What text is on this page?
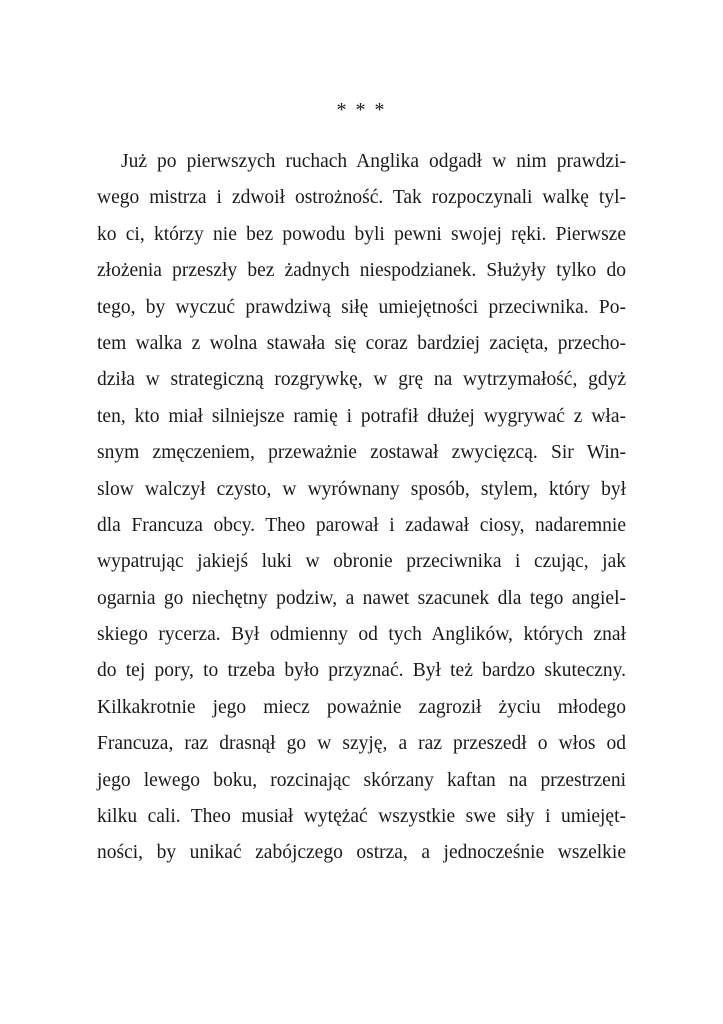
* * *
Już po pierwszych ruchach Anglika odgadł w nim prawdzi-
wego mistrza i zdwoił ostrożność. Tak rozpoczynali walkę tyl-
ko ci, którzy nie bez powodu byli pewni swojej ręki. Pierwsze
złożenia przeszły bez żadnych niespodzianek. Służyły tylko do
tego, by wyczuć prawdziwą siłę umiejętności przeciwnika. Po-
tem walka z wolna stawała się coraz bardziej zacięta, przecho-
dziła w strategiczną rozgrywkę, w grę na wytrzymałość, gdyż
ten, kto miał silniejsze ramię i potrafił dłużej wygrywać z wła-
snym zmęczeniem, przeważnie zostawał zwycięzcą. Sir Win-
slow walczył czysto, w wyrównany sposób, stylem, który był
dla Francuza obcy. Theo parował i zadawał ciosy, nadaremnie
wypatrując jakiejś luki w obronie przeciwnika i czując, jak
ogarnia go niechętny podziw, a nawet szacunek dla tego angiel-
skiego rycerza. Był odmienny od tych Anglików, których znał
do tej pory, to trzeba było przyznać. Był też bardzo skuteczny.
Kilkakrotnie jego miecz poważnie zagroził życiu młodego
Francuza, raz drasnął go w szyję, a raz przeszedł o włos od
jego lewego boku, rozcinając skórzany kaftan na przestrzeni
kilku cali. Theo musiał wytężać wszystkie swe siły i umiejęt-
ności, by unikać zabójczego ostrza, a jednocześnie wszelkie
